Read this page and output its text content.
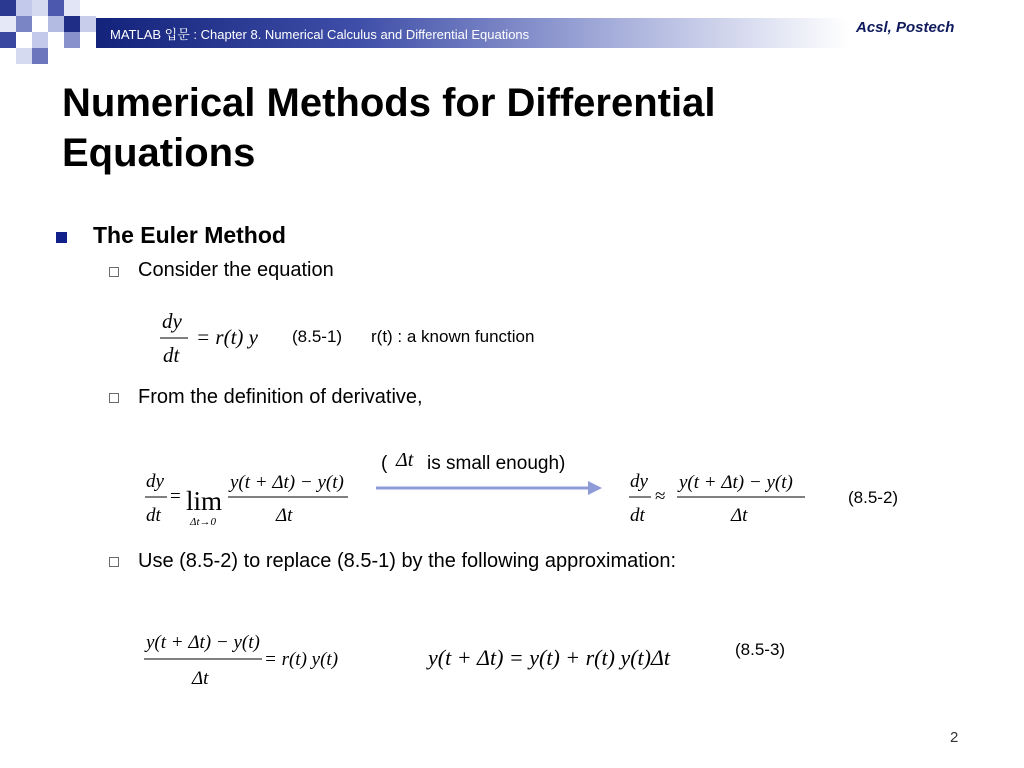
MATLAB 입문 : Chapter 8. Numerical Calculus and Differential Equations	Acsl, Postech
Numerical Methods for Differential
Equations
The Euler Method
Consider the equation
dy
dt
= r(t) y (8.5-1) r(t) : a known function
From the definition of derivative,
dy
dt
= lim
Δt→0
y(t + Δt) − y(t)
Δt
( Δt is small enough)
dy
dt
≈
y(t + Δt) − y(t)
Δt
(8.5-2)
Use (8.5-2) to replace (8.5-1) by the following approximation:
y(t + Δt) − y(t)
Δt
= r(t) y(t)	y(t + Δt) = y(t) + r(t) y(t)Δt	(8.5-3)
2
